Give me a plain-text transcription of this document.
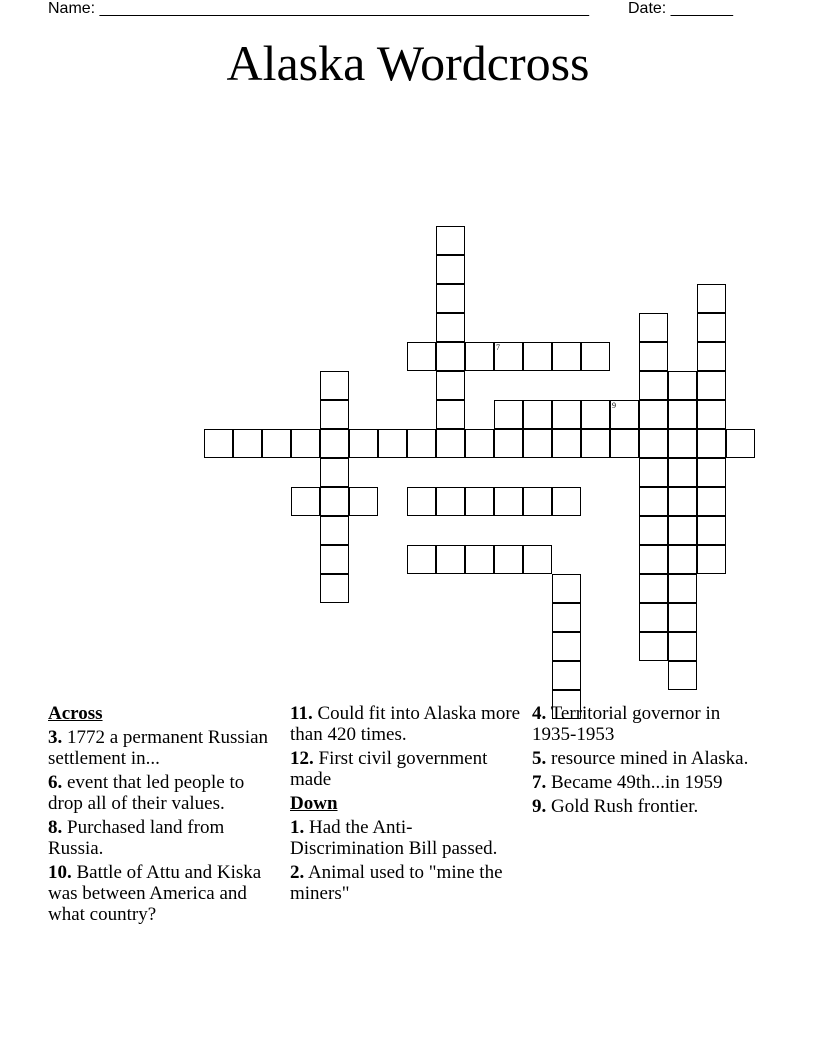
Name: _______________________________________________________ Date: _______
Alaska Wordcross
7
9
Across
3. 1772 a permanent Russian settlement in...
6. event that led people to drop all of their values.
8. Purchased land from Russia.
10. Battle of Attu and Kiska was between America and what country?
11. Could fit into Alaska more than 420 times.
12. First civil government made
Down
1. Had the Anti-Discrimination Bill passed.
2. Animal used to "mine the miners"
4. Territorial governor in 1935-1953
5. resource mined in Alaska.
7. Became 49th...in 1959
9. Gold Rush frontier.
